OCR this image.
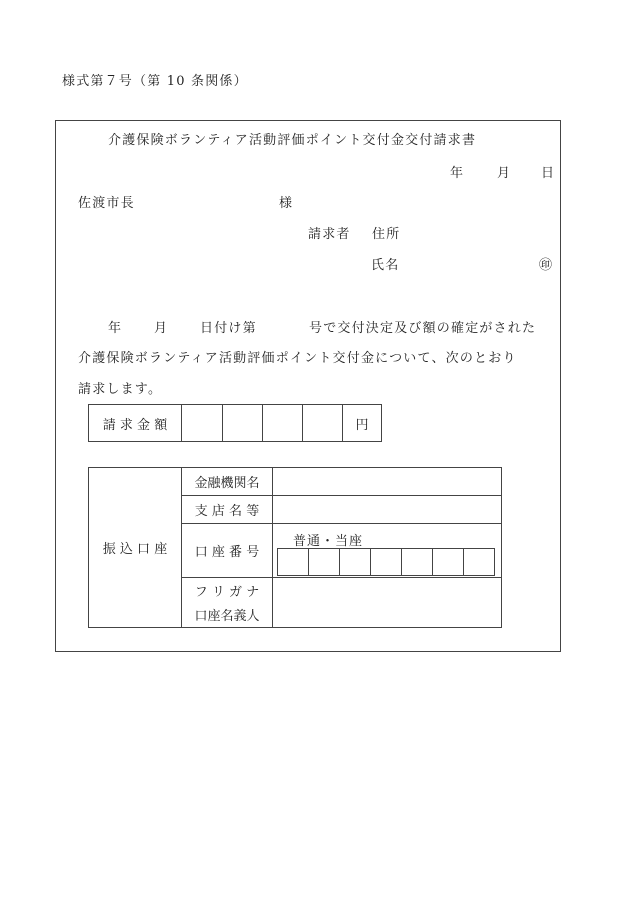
様式第７号（第 10 条関係）
介護保険ボランティア活動評価ポイント交付金交付請求書
年	月 日
佐渡市長	様
請求者 住所
氏名	㊞
年 月 日付け第	号で交付決定及び額の確定がされた
介護保険ボランティア活動評価ポイント交付金について、次のとおり
請求します。
請 求 金 額					円
振 込 口 座	金融機関名	
	支 店 名 等	
	口 座 番 号	普通・当座

	フ リ ガ ナ	
	口座名義人	
